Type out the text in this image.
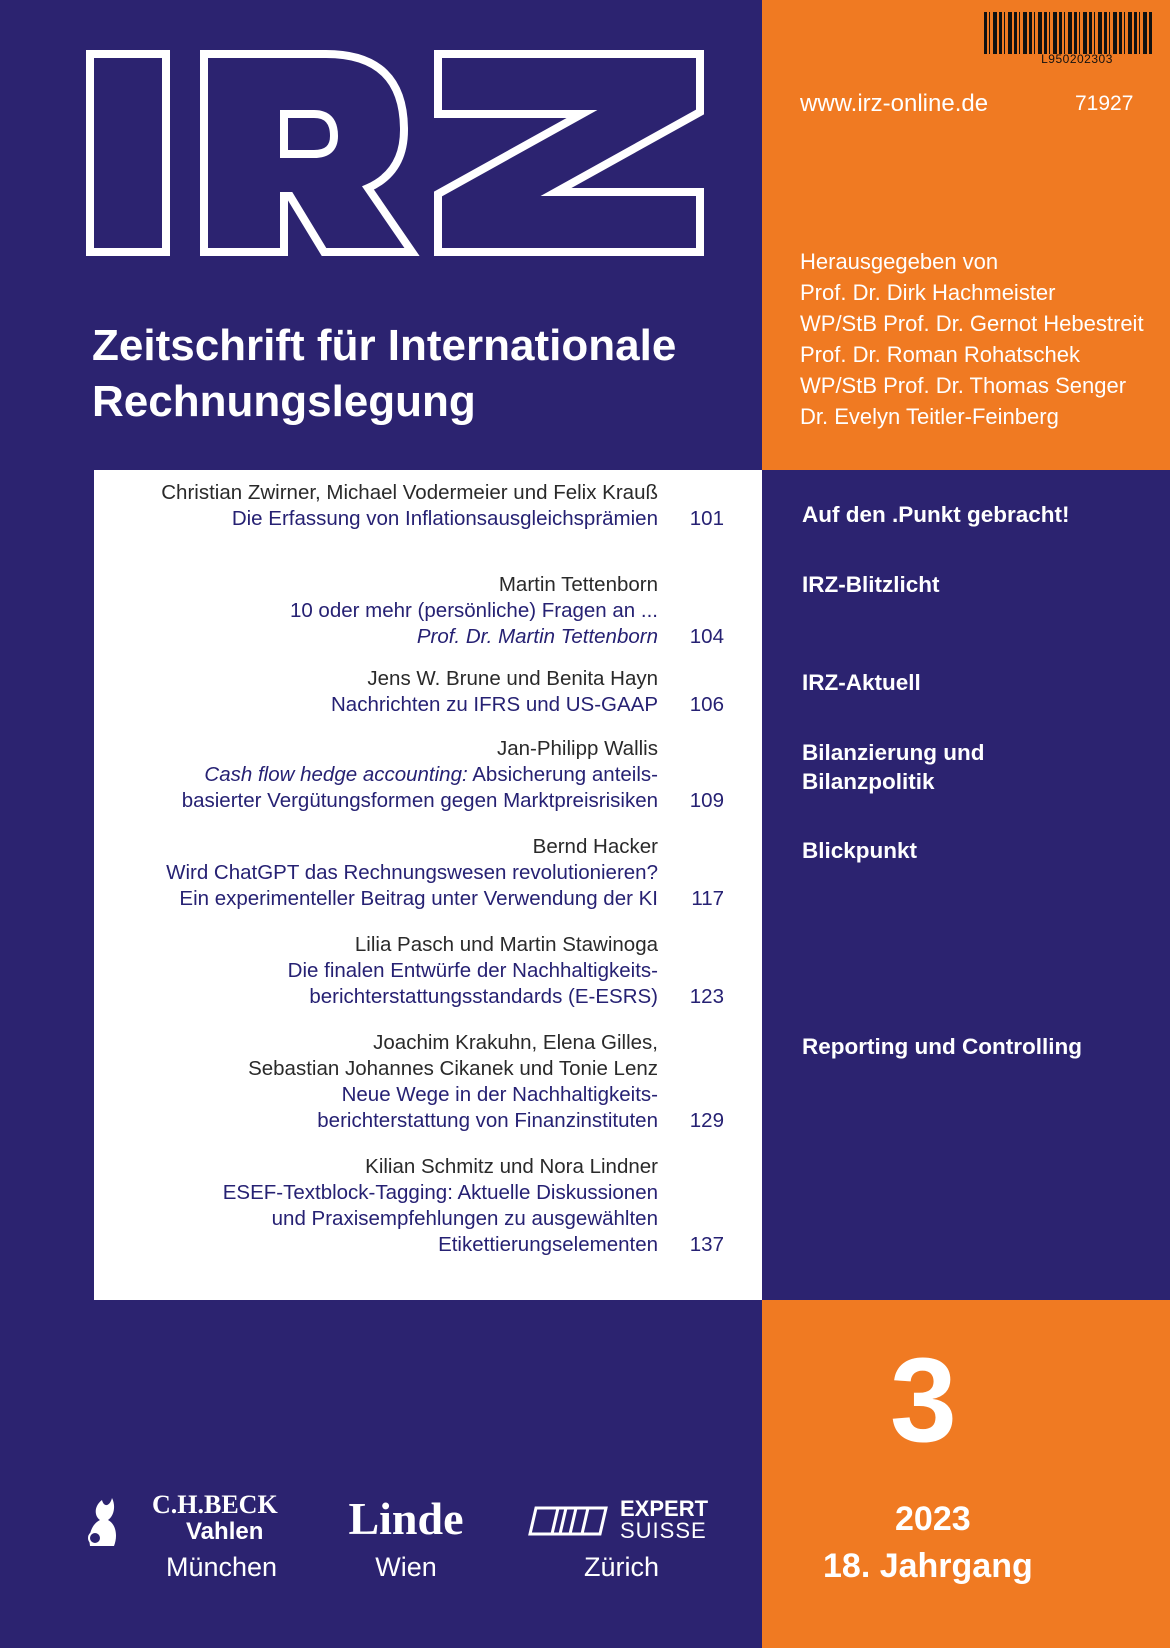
L950202303
www.irz-online.de	71927
Zeitschrift für Internationale
Rechnungslegung
Herausgegeben von
Prof. Dr. Dirk Hachmeister
WP/StB Prof. Dr. Gernot Hebestreit
Prof. Dr. Roman Rohatschek
WP/StB Prof. Dr. Thomas Senger
Dr. Evelyn Teitler-Feinberg
Christian Zwirner, Michael Vodermeier und Felix Krauß
Die Erfassung von Inflationsausgleichsprämien	101
Martin Tettenborn
10 oder mehr (persönliche) Fragen an ...
Prof. Dr. Martin Tettenborn	104
Jens W. Brune und Benita Hayn
Nachrichten zu IFRS und US-GAAP	106
Jan-Philipp Wallis
Cash flow hedge accounting: Absicherung anteils-
basierter Vergütungsformen gegen Marktpreisrisiken	109
Bernd Hacker
Wird ChatGPT das Rechnungswesen revolutionieren?
Ein experimenteller Beitrag unter Verwendung der KI	117
Lilia Pasch und Martin Stawinoga
Die finalen Entwürfe der Nachhaltigkeits-
berichterstattungsstandards (E-ESRS)	123
Joachim Krakuhn, Elena Gilles,
Sebastian Johannes Cikanek und Tonie Lenz
Neue Wege in der Nachhaltigkeits-
berichterstattung von Finanzinstituten	129
Kilian Schmitz und Nora Lindner
ESEF-Textblock-Tagging: Aktuelle Diskussionen
und Praxisempfehlungen zu ausgewählten
Etikettierungselementen	137
Auf den .Punkt gebracht!
IRZ-Blitzlicht
IRZ-Aktuell
Bilanzierung und
Bilanzpolitik
Blickpunkt
Reporting und Controlling
3
2023
18. Jahrgang
C.H.BECK
Vahlen
München
Linde
Wien
EXPERT
SUISSE
Zürich
